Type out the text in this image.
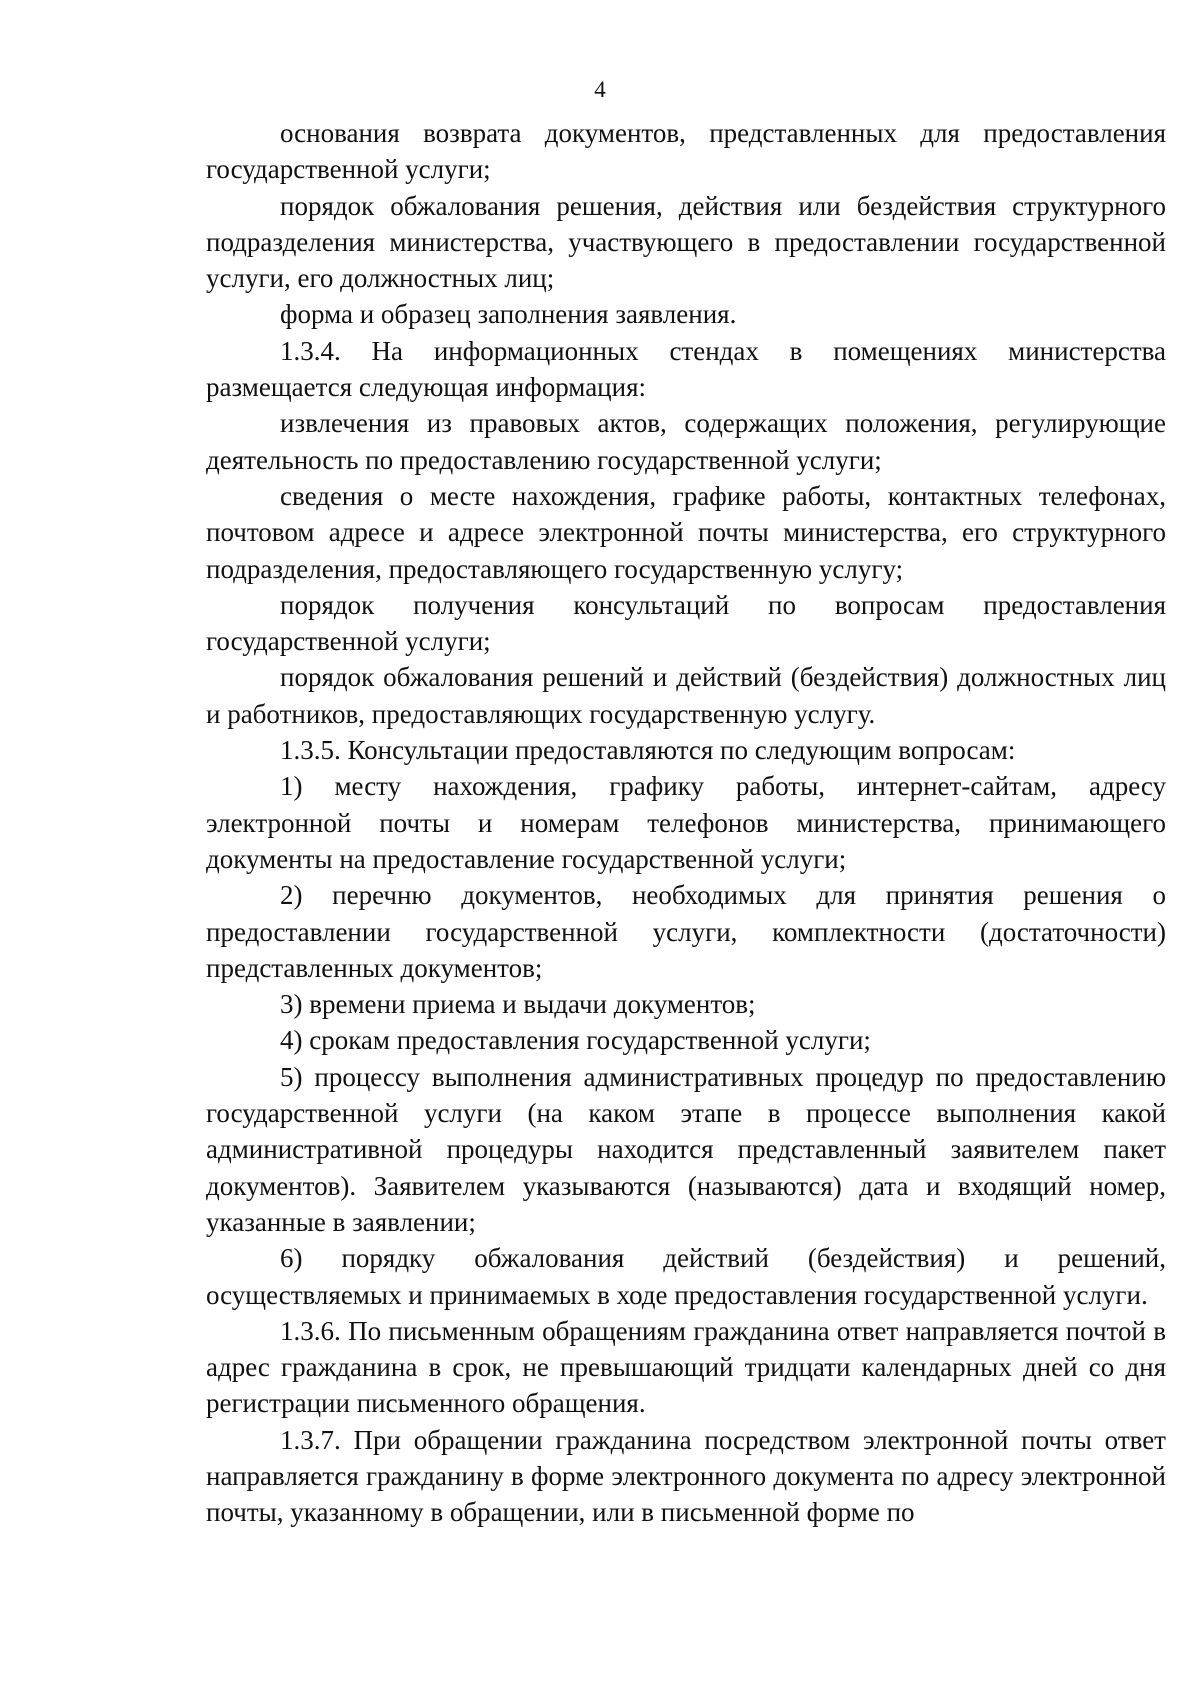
4

основания возврата документов, представленных для предоставления государственной услуги;

порядок обжалования решения, действия или бездействия структурного подразделения министерства, участвующего в предоставлении государственной услуги, его должностных лиц;

форма и образец заполнения заявления.

1.3.4. На информационных стендах в помещениях министерства размещается следующая информация:

извлечения из правовых актов, содержащих положения, регулирующие деятельность по предоставлению государственной услуги;

сведения о месте нахождения, графике работы, контактных телефонах, почтовом адресе и адресе электронной почты министерства, его структурного подразделения, предоставляющего государственную услугу;

порядок получения консультаций по вопросам предоставления государственной услуги;

порядок обжалования решений и действий (бездействия) должностных лиц и работников, предоставляющих государственную услугу.

1.3.5. Консультации предоставляются по следующим вопросам:

1) месту нахождения, графику работы, интернет-сайтам, адресу электронной почты и номерам телефонов министерства, принимающего документы на предоставление государственной услуги;

2) перечню документов, необходимых для принятия решения о предоставлении государственной услуги, комплектности (достаточности) представленных документов;

3) времени приема и выдачи документов;

4) срокам предоставления государственной услуги;

5) процессу выполнения административных процедур по предоставлению государственной услуги (на каком этапе в процессе выполнения какой административной процедуры находится представленный заявителем пакет документов). Заявителем указываются (называются) дата и входящий номер, указанные в заявлении;

6) порядку обжалования действий (бездействия) и решений, осуществляемых и принимаемых в ходе предоставления государственной услуги.

1.3.6. По письменным обращениям гражданина ответ направляется почтой в адрес гражданина в срок, не превышающий тридцати календарных дней со дня регистрации письменного обращения.

1.3.7. При обращении гражданина посредством электронной почты ответ направляется гражданину в форме электронного документа по адресу электронной почты, указанному в обращении, или в письменной форме по
